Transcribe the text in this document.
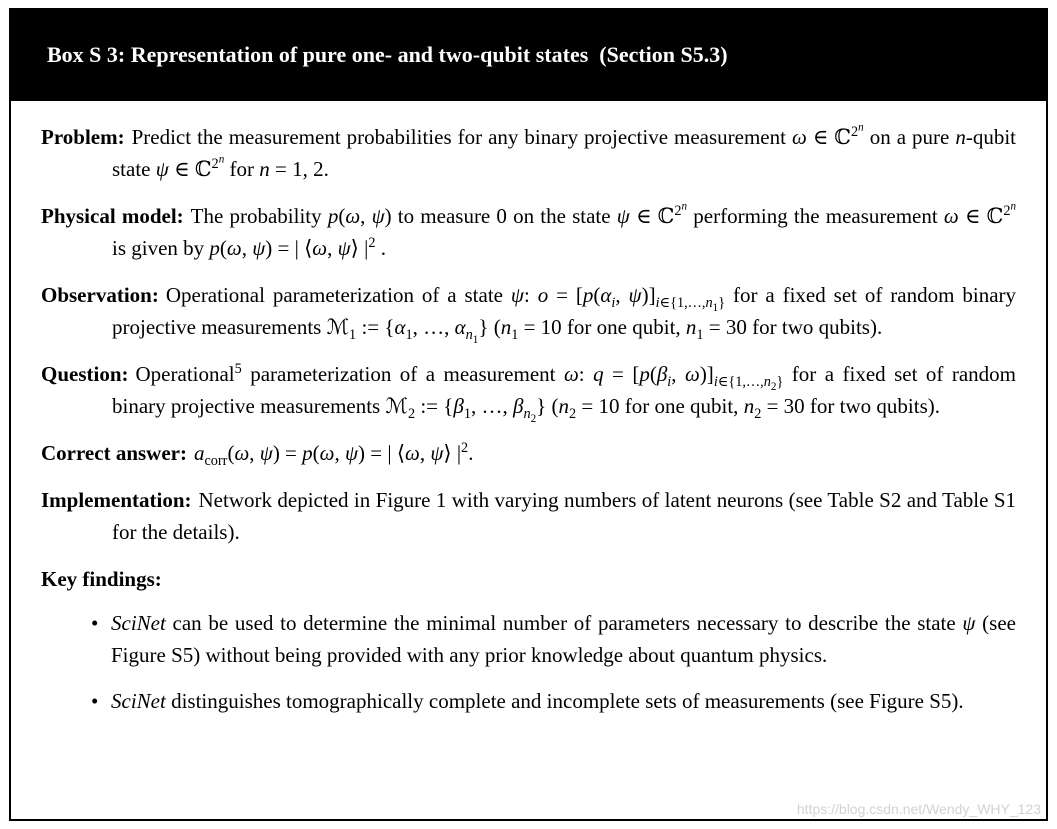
Box S 3: Representation of pure one- and two-qubit states  (Section S5.3)

Problem: Predict the measurement probabilities for any binary projective measurement ω ∈ ℂ$^{2^n}$ on a pure n-qubit state ψ ∈ ℂ$^{2^n}$ for n = 1, 2.

Physical model: The probability p(ω, ψ) to measure 0 on the state ψ ∈ ℂ$^{2^n}$ performing the measurement ω ∈ ℂ$^{2^n}$ is given by p(ω, ψ) = | ⟨ω, ψ⟩ $|^2$ .

Observation: Operational parameterization of a state ψ: $o = [p(\alpha_i$, $\psi)]_{i\in\{1,\dots,n_1\}}$ for a fixed set of random binary projective measurements ℳ$_1$ := {$\alpha_1$, …, $\alpha_{n_1}$} ($n_1 = 10$ for one qubit, $n_1 = 30$ for two qubits).

Question: Operational$^5$ parameterization of a measurement ω: $q = [p(\beta_i$, $\omega)]_{i\in\{1,\dots,n_2\}}$ for a fixed set of random binary projective measurements ℳ$_2$ := {$\beta_1$, …, $\beta_{n_2}$} ($n_2 = 10$ for one qubit, $n_2 = 30$ for two qubits).

Correct answer: $a_{corr}(\omega$, ψ) = p(ω, ψ) = | ⟨ω, ψ⟩ $|^2$.

Implementation: Network depicted in Figure 1 with varying numbers of latent neurons (see Table S2 and Table S1 for the details).

Key findings:

• SciNet can be used to determine the minimal number of parameters necessary to describe the state ψ (see Figure S5) without being provided with any prior knowledge about quantum physics.
• SciNet distinguishes tomographically complete and incomplete sets of measurements (see Figure S5).
https://blog.csdn.net/Wendy_WHY_123
